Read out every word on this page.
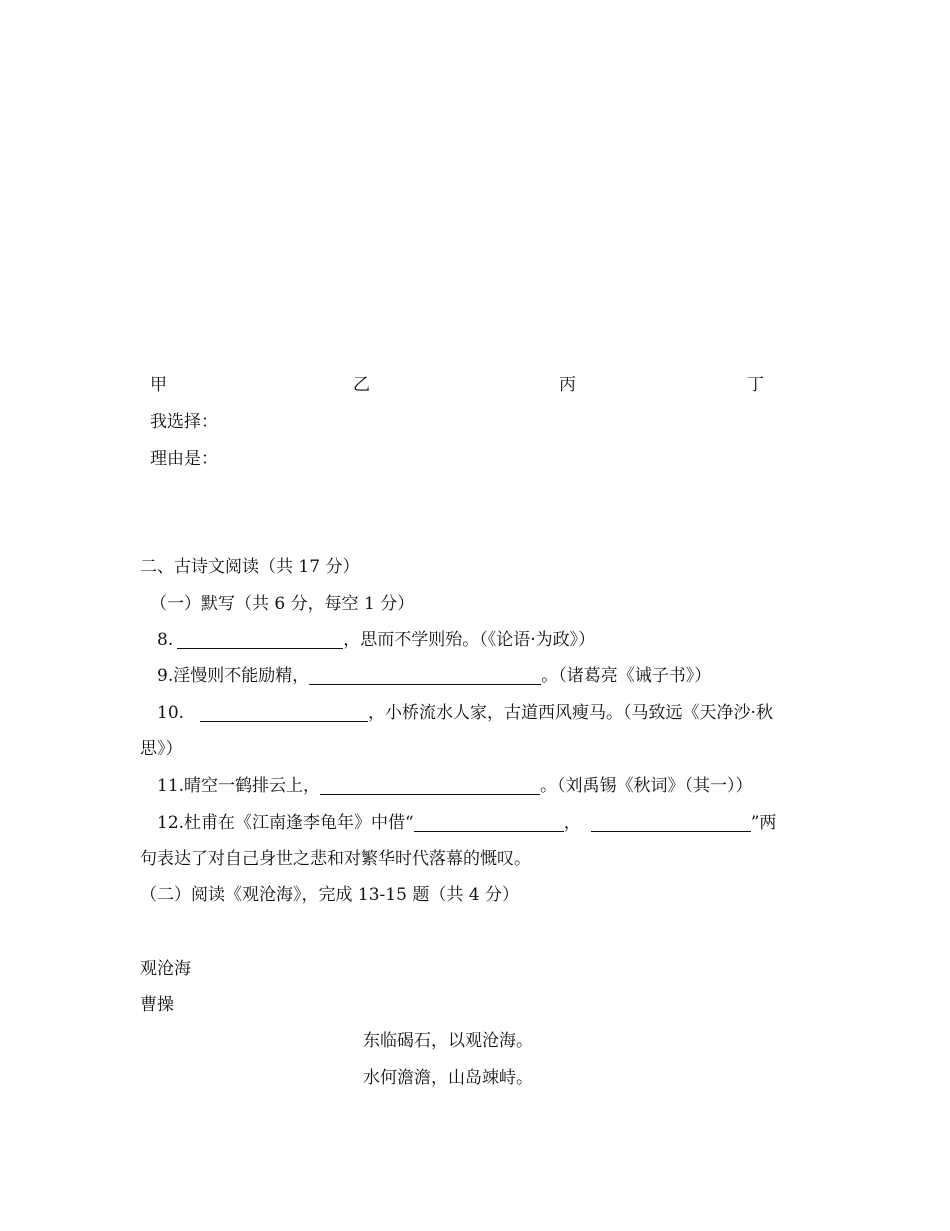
甲	乙	丙	丁
我选择：
理由是：
二、古诗文阅读（共 17 分）
（一）默写（共 6 分，每空 1 分）
8.	，思而不学则殆。（《论语·为政》）
9.淫慢则不能励精，	。（诸葛亮《诫子书》）
10.	，小桥流水人家，古道西风瘦马。（马致远《天净沙·秋
思》）
11.晴空一鹤排云上，	。（刘禹锡《秋词》（其一））
12.杜甫在《江南逢李龟年》中借“	，	”两
句表达了对自己身世之悲和对繁华时代落幕的慨叹。
（二）阅读《观沧海》，完成 13-15 题（共 4 分）
观沧海
曹操
东临碣石，以观沧海。
水何澹澹，山岛竦峙。
